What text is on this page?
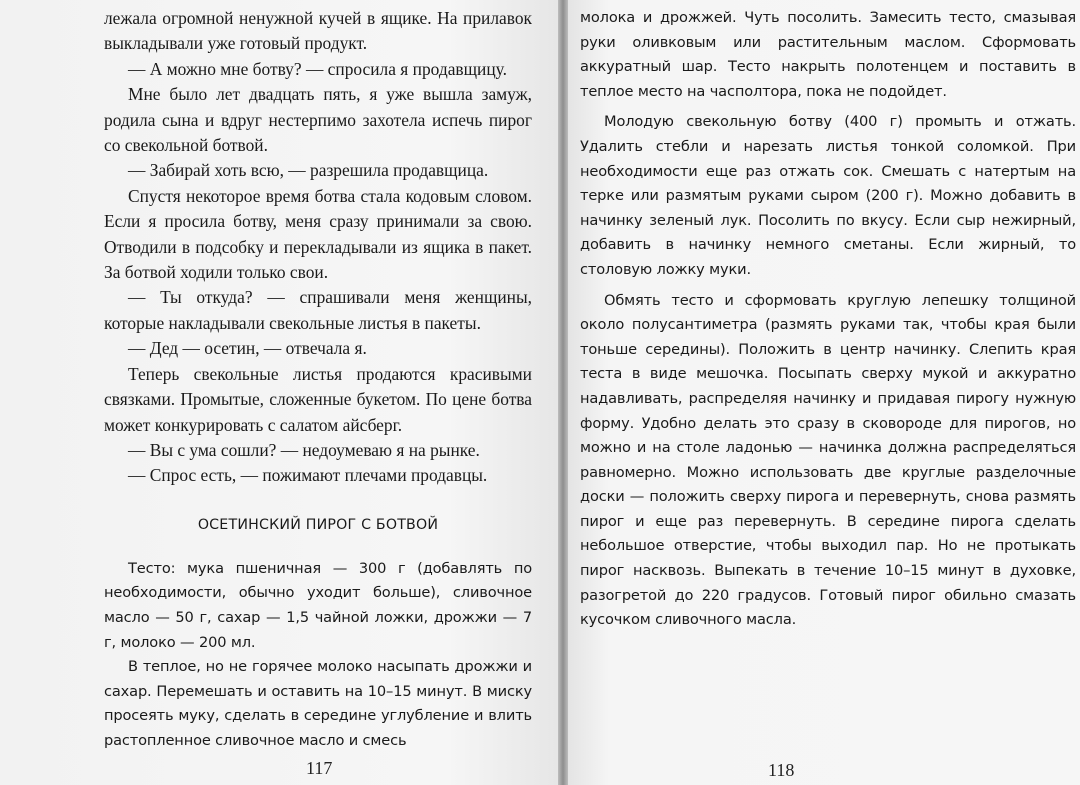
лежала огромной ненужной кучей в ящике. На прилавок выкладывали уже готовый продукт.

— А можно мне ботву? — спросила я продавщицу.

Мне было лет двадцать пять, я уже вышла замуж, родила сына и вдруг нестерпимо захотела испечь пирог со свекольной ботвой.

— Забирай хоть всю, — разрешила продавщица.

Спустя некоторое время ботва стала кодовым словом. Если я просила ботву, меня сразу принимали за свою. Отводили в подсобку и перекладывали из ящика в пакет. За ботвой ходили только свои.

— Ты откуда? — спрашивали меня женщины, которые накладывали свекольные листья в пакеты.

— Дед — осетин, — отвечала я.

Теперь свекольные листья продаются красивыми связками. Промытые, сложенные букетом. По цене ботва может конкурировать с салатом айсберг.

— Вы с ума сошли? — недоумеваю я на рынке.

— Спрос есть, — пожимают плечами продавцы.

ОСЕТИНСКИЙ ПИРОГ С БОТВОЙ

Тесто: мука пшеничная — 300 г (добавлять по необходимости, обычно уходит больше), сливочное масло — 50 г, сахар — 1,5 чайной ложки, дрожжи — 7 г, молоко — 200 мл.

В теплое, но не горячее молоко насыпать дрожжи и сахар. Перемешать и оставить на 10–15 минут. В миску просеять муку, сделать в середине углубление и влить растопленное сливочное масло и смесь

117

молока и дрожжей. Чуть посолить. Замесить тесто, смазывая руки оливковым или растительным маслом. Сформовать аккуратный шар. Тесто накрыть полотенцем и поставить в теплое место на часполтора, пока не подойдет.

Молодую свекольную ботву (400 г) промыть и отжать. Удалить стебли и нарезать листья тонкой соломкой. При необходимости еще раз отжать сок. Смешать с натертым на терке или размятым руками сыром (200 г). Можно добавить в начинку зеленый лук. Посолить по вкусу. Если сыр нежирный, добавить в начинку немного сметаны. Если жирный, то столовую ложку муки.

Обмять тесто и сформовать круглую лепешку толщиной около полусантиметра (размять руками так, чтобы края были тоньше середины). Положить в центр начинку. Слепить края теста в виде мешочка. Посыпать сверху мукой и аккуратно надавливать, распределяя начинку и придавая пирогу нужную форму. Удобно делать это сразу в сковороде для пирогов, но можно и на столе ладонью — начинка должна распределяться равномерно. Можно использовать две круглые разделочные доски — положить сверху пирога и перевернуть, снова размять пирог и еще раз перевернуть. В середине пирога сделать небольшое отверстие, чтобы выходил пар. Но не протыкать пирог насквозь. Выпекать в течение 10–15 минут в духовке, разогретой до 220 градусов. Готовый пирог обильно смазать кусочком сливочного масла.

118
